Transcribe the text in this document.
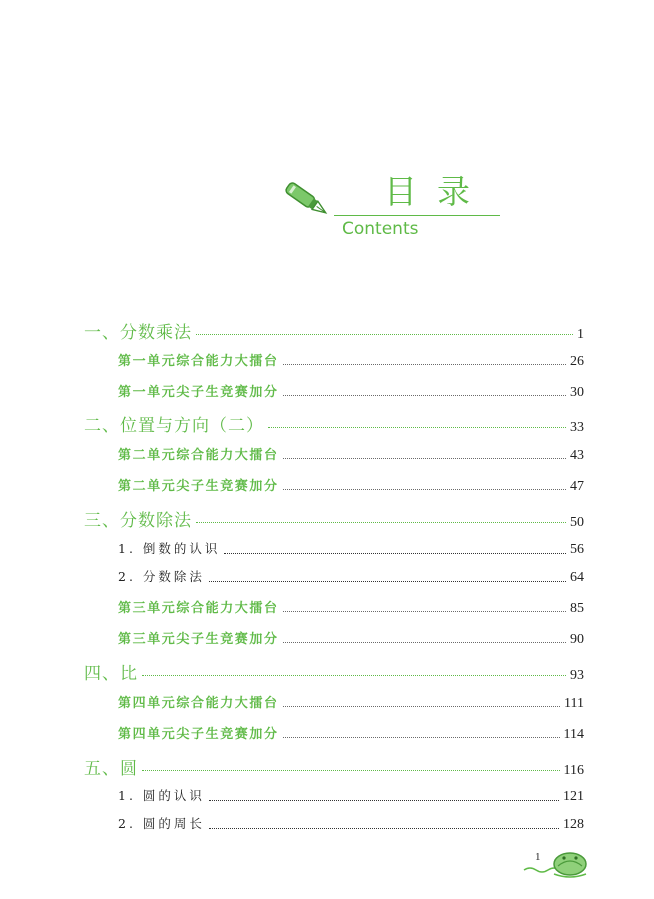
目录
Contents
一、分数乘法	1
第一单元综合能力大擂台	26
第一单元尖子生竞赛加分	30
二、位置与方向（二）	33
第二单元综合能力大擂台	43
第二单元尖子生竞赛加分	47
三、分数除法	50
1. 倒数的认识	56
2. 分数除法	64
第三单元综合能力大擂台	85
第三单元尖子生竞赛加分	90
四、比	93
第四单元综合能力大擂台	111
第四单元尖子生竞赛加分	114
五、圆	116
1. 圆的认识	121
2. 圆的周长	128
1
